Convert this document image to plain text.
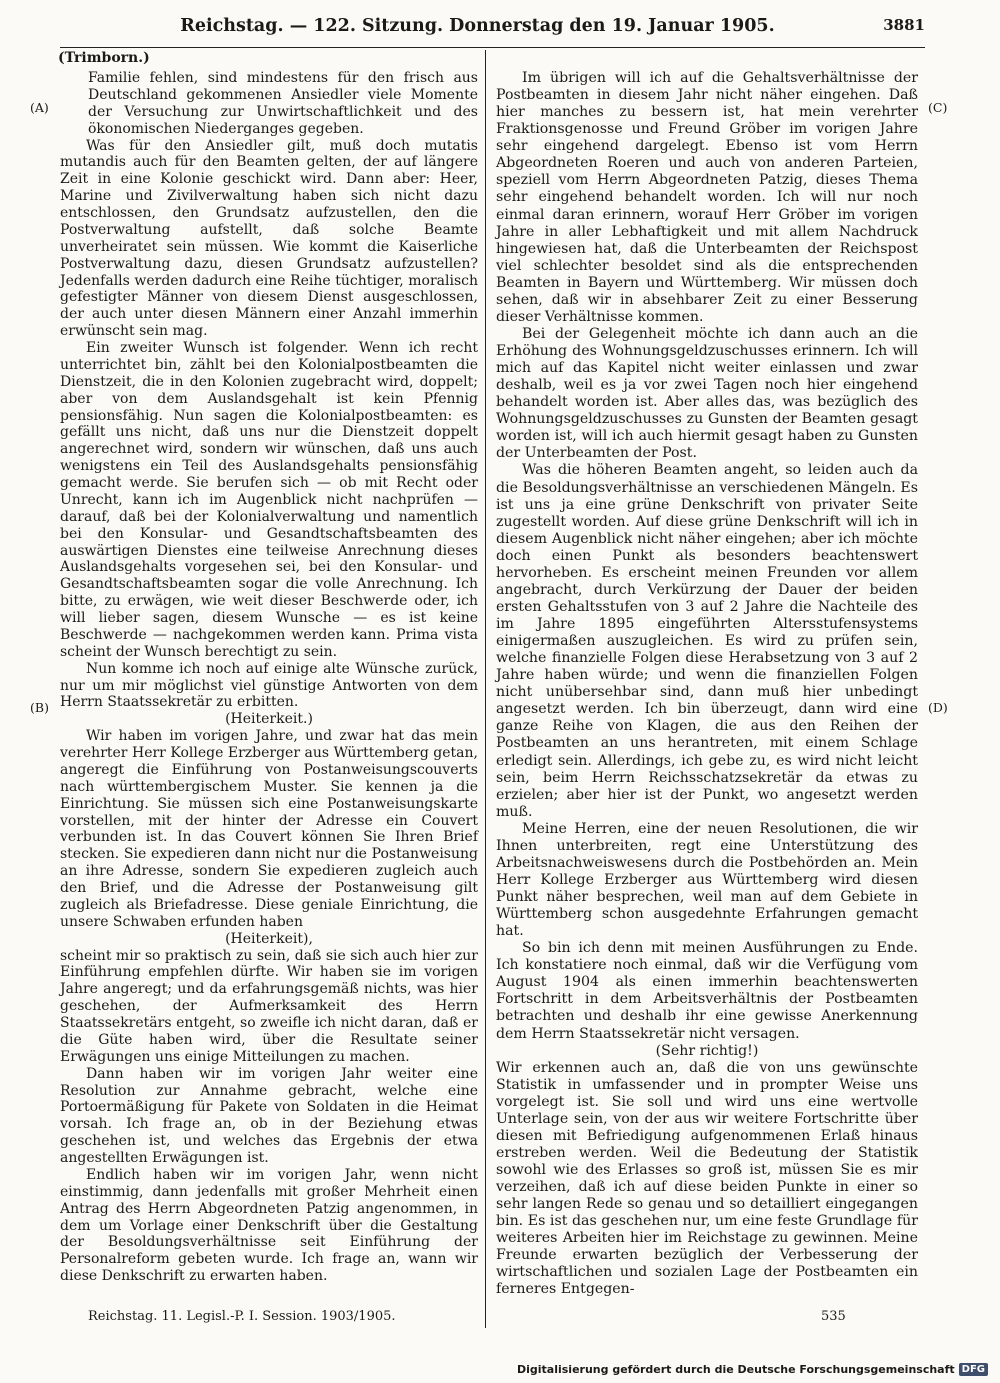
Reichstag. — 122. Sitzung. Donnerstag den 19. Januar 1905.	3881
(Trimborn.)
(A)
(B)
(C)
(D)

Familie fehlen, sind mindestens für den frisch aus Deutschland gekommenen Ansiedler viele Momente der Versuchung zur Unwirtschaftlichkeit und des ökonomischen Niederganges gegeben.

Was für den Ansiedler gilt, muß doch mutatis mutandis auch für den Beamten gelten, der auf längere Zeit in eine Kolonie geschickt wird. Dann aber: Heer, Marine und Zivilverwaltung haben sich nicht dazu entschlossen, den Grundsatz aufzustellen, den die Postverwaltung aufstellt, daß solche Beamte unverheiratet sein müssen. Wie kommt die Kaiserliche Postverwaltung dazu, diesen Grundsatz aufzustellen? Jedenfalls werden dadurch eine Reihe tüchtiger, moralisch gefestigter Männer von diesem Dienst ausgeschlossen, der auch unter diesen Männern einer Anzahl immerhin erwünscht sein mag.

Ein zweiter Wunsch ist folgender. Wenn ich recht unterrichtet bin, zählt bei den Kolonialpostbeamten die Dienstzeit, die in den Kolonien zugebracht wird, doppelt; aber von dem Auslandsgehalt ist kein Pfennig pensionsfähig. Nun sagen die Kolonialpostbeamten: es gefällt uns nicht, daß uns nur die Dienstzeit doppelt angerechnet wird, sondern wir wünschen, daß uns auch wenigstens ein Teil des Auslandsgehalts pensionsfähig gemacht werde. Sie berufen sich — ob mit Recht oder Unrecht, kann ich im Augenblick nicht nachprüfen — darauf, daß bei der Kolonialverwaltung und namentlich bei den Konsular- und Gesandtschaftsbeamten des auswärtigen Dienstes eine teilweise Anrechnung dieses Auslandsgehalts vorgesehen sei, bei den Konsular- und Gesandtschaftsbeamten sogar die volle Anrechnung. Ich bitte, zu erwägen, wie weit dieser Beschwerde oder, ich will lieber sagen, diesem Wunsche — es ist keine Beschwerde — nachgekommen werden kann. Prima vista scheint der Wunsch berechtigt zu sein.

Nun komme ich noch auf einige alte Wünsche zurück, nur um mir möglichst viel günstige Antworten von dem Herrn Staatssekretär zu erbitten.

(Heiterkeit.)

Wir haben im vorigen Jahre, und zwar hat das mein verehrter Herr Kollege Erzberger aus Württemberg getan, angeregt die Einführung von Postanweisungscouverts nach württembergischem Muster. Sie kennen ja die Einrichtung. Sie müssen sich eine Postanweisungskarte vorstellen, mit der hinter der Adresse ein Couvert verbunden ist. In das Couvert können Sie Ihren Brief stecken. Sie expedieren dann nicht nur die Postanweisung an ihre Adresse, sondern Sie expedieren zugleich auch den Brief, und die Adresse der Postanweisung gilt zugleich als Briefadresse. Diese geniale Einrichtung, die unsere Schwaben erfunden haben

(Heiterkeit),

scheint mir so praktisch zu sein, daß sie sich auch hier zur Einführung empfehlen dürfte. Wir haben sie im vorigen Jahre angeregt; und da erfahrungsgemäß nichts, was hier geschehen, der Aufmerksamkeit des Herrn Staatssekretärs entgeht, so zweifle ich nicht daran, daß er die Güte haben wird, über die Resultate seiner Erwägungen uns einige Mitteilungen zu machen.

Dann haben wir im vorigen Jahr weiter eine Resolution zur Annahme gebracht, welche eine Portoermäßigung für Pakete von Soldaten in die Heimat vorsah. Ich frage an, ob in der Beziehung etwas geschehen ist, und welches das Ergebnis der etwa angestellten Erwägungen ist.

Endlich haben wir im vorigen Jahr, wenn nicht einstimmig, dann jedenfalls mit großer Mehrheit einen Antrag des Herrn Abgeordneten Patzig angenommen, in dem um Vorlage einer Denkschrift über die Gestaltung der Besoldungsverhältnisse seit Einführung der Personalreform gebeten wurde. Ich frage an, wann wir diese Denkschrift zu erwarten haben.

Im übrigen will ich auf die Gehaltsverhältnisse der Postbeamten in diesem Jahr nicht näher eingehen. Daß hier manches zu bessern ist, hat mein verehrter Fraktionsgenosse und Freund Gröber im vorigen Jahre sehr eingehend dargelegt. Ebenso ist vom Herrn Abgeordneten Roeren und auch von anderen Parteien, speziell vom Herrn Abgeordneten Patzig, dieses Thema sehr eingehend behandelt worden. Ich will nur noch einmal daran erinnern, worauf Herr Gröber im vorigen Jahre in aller Lebhaftigkeit und mit allem Nachdruck hingewiesen hat, daß die Unterbeamten der Reichspost viel schlechter besoldet sind als die entsprechenden Beamten in Bayern und Württemberg. Wir müssen doch sehen, daß wir in absehbarer Zeit zu einer Besserung dieser Verhältnisse kommen.

Bei der Gelegenheit möchte ich dann auch an die Erhöhung des Wohnungsgeldzuschusses erinnern. Ich will mich auf das Kapitel nicht weiter einlassen und zwar deshalb, weil es ja vor zwei Tagen noch hier eingehend behandelt worden ist. Aber alles das, was bezüglich des Wohnungsgeldzuschusses zu Gunsten der Beamten gesagt worden ist, will ich auch hiermit gesagt haben zu Gunsten der Unterbeamten der Post.

Was die höheren Beamten angeht, so leiden auch da die Besoldungsverhältnisse an verschiedenen Mängeln. Es ist uns ja eine grüne Denkschrift von privater Seite zugestellt worden. Auf diese grüne Denkschrift will ich in diesem Augenblick nicht näher eingehen; aber ich möchte doch einen Punkt als besonders beachtenswert hervorheben. Es erscheint meinen Freunden vor allem angebracht, durch Verkürzung der Dauer der beiden ersten Gehaltsstufen von 3 auf 2 Jahre die Nachteile des im Jahre 1895 eingeführten Altersstufensystems einigermaßen auszugleichen. Es wird zu prüfen sein, welche finanzielle Folgen diese Herabsetzung von 3 auf 2 Jahre haben würde; und wenn die finanziellen Folgen nicht unübersehbar sind, dann muß hier unbedingt angesetzt werden. Ich bin überzeugt, dann wird eine ganze Reihe von Klagen, die aus den Reihen der Postbeamten an uns herantreten, mit einem Schlage erledigt sein. Allerdings, ich gebe zu, es wird nicht leicht sein, beim Herrn Reichsschatzsekretär da etwas zu erzielen; aber hier ist der Punkt, wo angesetzt werden muß.

Meine Herren, eine der neuen Resolutionen, die wir Ihnen unterbreiten, regt eine Unterstützung des Arbeitsnachweiswesens durch die Postbehörden an. Mein Herr Kollege Erzberger aus Württemberg wird diesen Punkt näher besprechen, weil man auf dem Gebiete in Württemberg schon ausgedehnte Erfahrungen gemacht hat.

So bin ich denn mit meinen Ausführungen zu Ende. Ich konstatiere noch einmal, daß wir die Verfügung vom August 1904 als einen immerhin beachtenswerten Fortschritt in dem Arbeitsverhältnis der Postbeamten betrachten und deshalb ihr eine gewisse Anerkennung dem Herrn Staatssekretär nicht versagen.

(Sehr richtig!)

Wir erkennen auch an, daß die von uns gewünschte Statistik in umfassender und in prompter Weise uns vorgelegt ist. Sie soll und wird uns eine wertvolle Unterlage sein, von der aus wir weitere Fortschritte über diesen mit Befriedigung aufgenommenen Erlaß hinaus erstreben werden. Weil die Bedeutung der Statistik sowohl wie des Erlasses so groß ist, müssen Sie es mir verzeihen, daß ich auf diese beiden Punkte in einer so sehr langen Rede so genau und so detailliert eingegangen bin. Es ist das geschehen nur, um eine feste Grundlage für weiteres Arbeiten hier im Reichstage zu gewinnen. Meine Freunde erwarten bezüglich der Verbesserung der wirtschaftlichen und sozialen Lage der Postbeamten ein ferneres Entgegen-

Reichstag. 11. Legisl.-P. I. Session. 1903/1905.	535
Digitalisierung gefördert durch die Deutsche Forschungsgemeinschaft DFG
